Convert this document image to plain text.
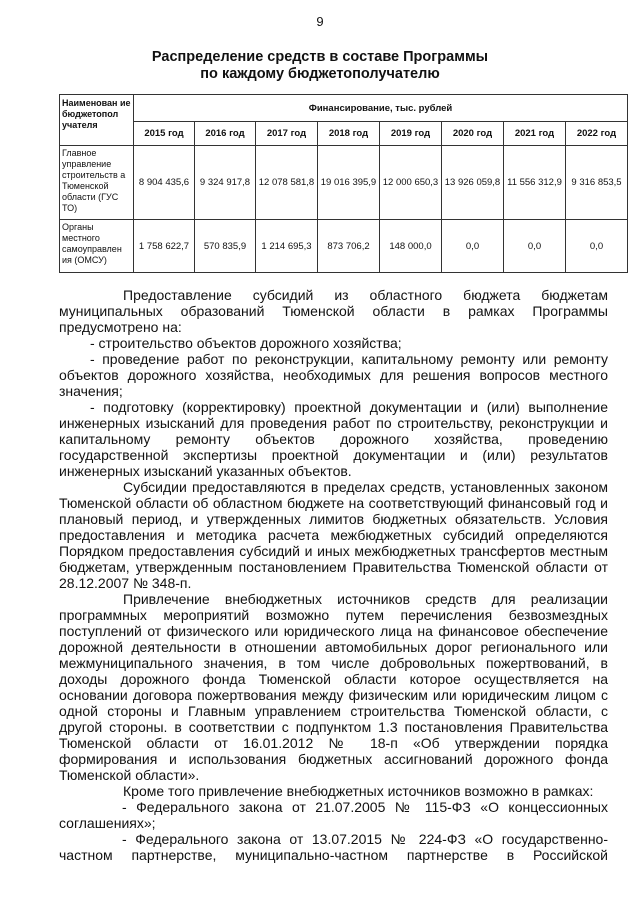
9
Распределение средств в составе Программы
по каждому бюджетополучателю
Наименован ие бюджетопол учателя	Финансирование, тыс. рублей							
	2015 год	2016 год	2017 год	2018 год	2019 год	2020 год	2021 год	2022 год
Главное управление строительств а Тюменской области (ГУС ТО)	8 904 435,6	9 324 917,8	12 078 581,8	19 016 395,9	12 000 650,3	13 926 059,8	11 556 312,9	9 316 853,5
Органы местного самоуправлен ия (ОМСУ)	1 758 622,7	570 835,9	1 214 695,3	873 706,2	148 000,0	0,0	0,0	0,0

Предоставление субсидий из областного бюджета бюджетам муниципальных образований Тюменской области в рамках Программы предусмотрено на:

- строительство объектов дорожного хозяйства;

- проведение работ по реконструкции, капитальному ремонту или ремонту объектов дорожного хозяйства, необходимых для решения вопросов местного значения;

- подготовку (корректировку) проектной документации и (или) выполнение инженерных изысканий для проведения работ по строительству, реконструкции и капитальному ремонту объектов дорожного хозяйства, проведению государственной экспертизы проектной документации и (или) результатов инженерных изысканий указанных объектов.

Субсидии предоставляются в пределах средств, установленных законом Тюменской области об областном бюджете на соответствующий финансовый год и плановый период, и утвержденных лимитов бюджетных обязательств. Условия предоставления и методика расчета межбюджетных субсидий определяются Порядком предоставления субсидий и иных межбюджетных трансфертов местным бюджетам, утвержденным постановлением Правительства Тюменской области от 28.12.2007 № 348-п.

Привлечение внебюджетных источников средств для реализации программных мероприятий возможно путем перечисления безвозмездных поступлений от физического или юридического лица на финансовое обеспечение дорожной деятельности в отношении автомобильных дорог регионального или межмуниципального значения, в том числе добровольных пожертвований, в доходы дорожного фонда Тюменской области которое осуществляется на основании договора пожертвования между физическим или юридическим лицом с одной стороны и Главным управлением строительства Тюменской области, с другой стороны. в соответствии с подпунктом 1.3 постановления Правительства Тюменской области от 16.01.2012 № 18-п «Об утверждении порядка формирования и использования бюджетных ассигнований дорожного фонда Тюменской области».

Кроме того привлечение внебюджетных источников возможно в рамках:

- Федерального закона от 21.07.2005 № 115-ФЗ «О концессионных соглашениях»;

- Федерального закона от 13.07.2015 № 224-ФЗ «О государственно-частном партнерстве, муниципально-частном партнерстве в Российской
